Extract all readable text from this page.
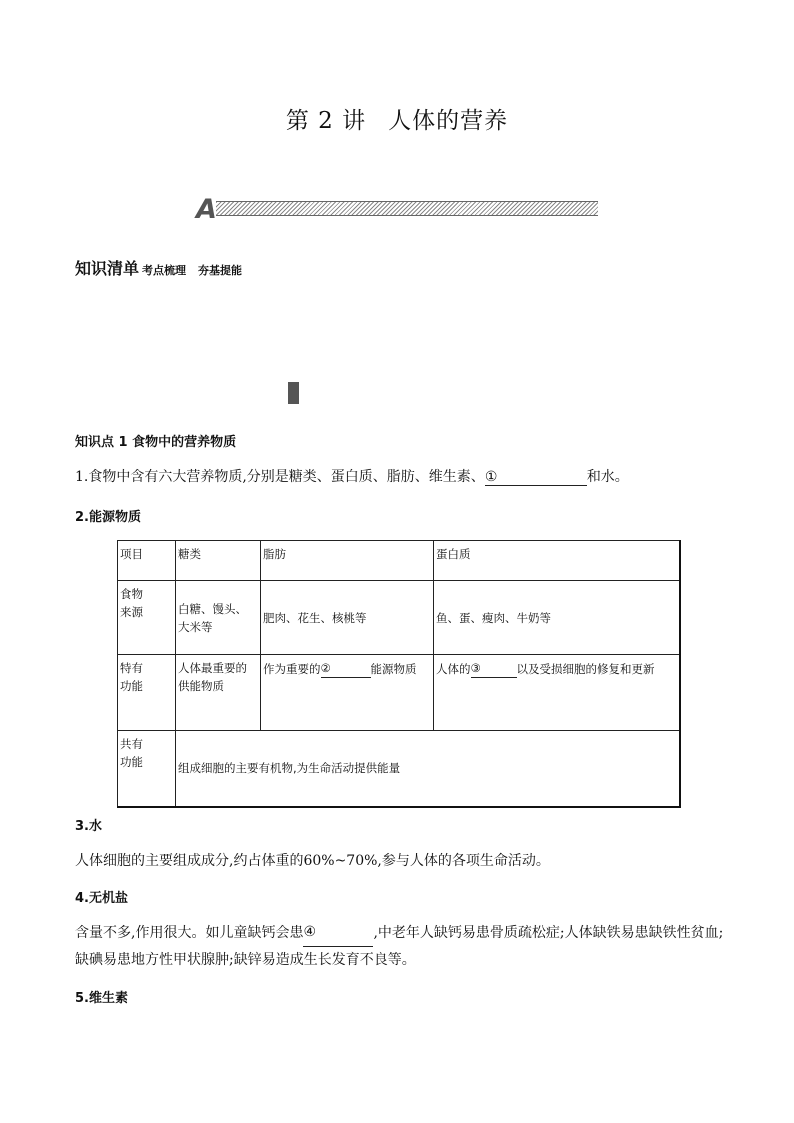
第 2 讲 人体的营养
A
知识清单 考点梳理 夯基提能
知识点 1 食物中的营养物质
1.食物中含有六大营养物质,分别是糖类、蛋白质、脂肪、维生素、①	和水。
2.能源物质
项目	糖类	脂肪	蛋白质
食物
来源	白糖、馒头、大米等	肥肉、花生、核桃等	鱼、蛋、瘦肉、牛奶等
特有
功能	人体最重要的供能物质	作为重要的② 能源物质	人体的③ 以及受损细胞的修复和更新
共有
功能	组成细胞的主要有机物,为生命活动提供能量		
3.水
人体细胞的主要组成成分,约占体重的60%~70%,参与人体的各项生命活动。
4.无机盐
含量不多,作用很大。如儿童缺钙会患④	,中老年人缺钙易患骨质疏松症;人体缺铁易患缺铁性贫血;缺碘易患地方性甲状腺肿;缺锌易造成生长发育不良等。
5.维生素
